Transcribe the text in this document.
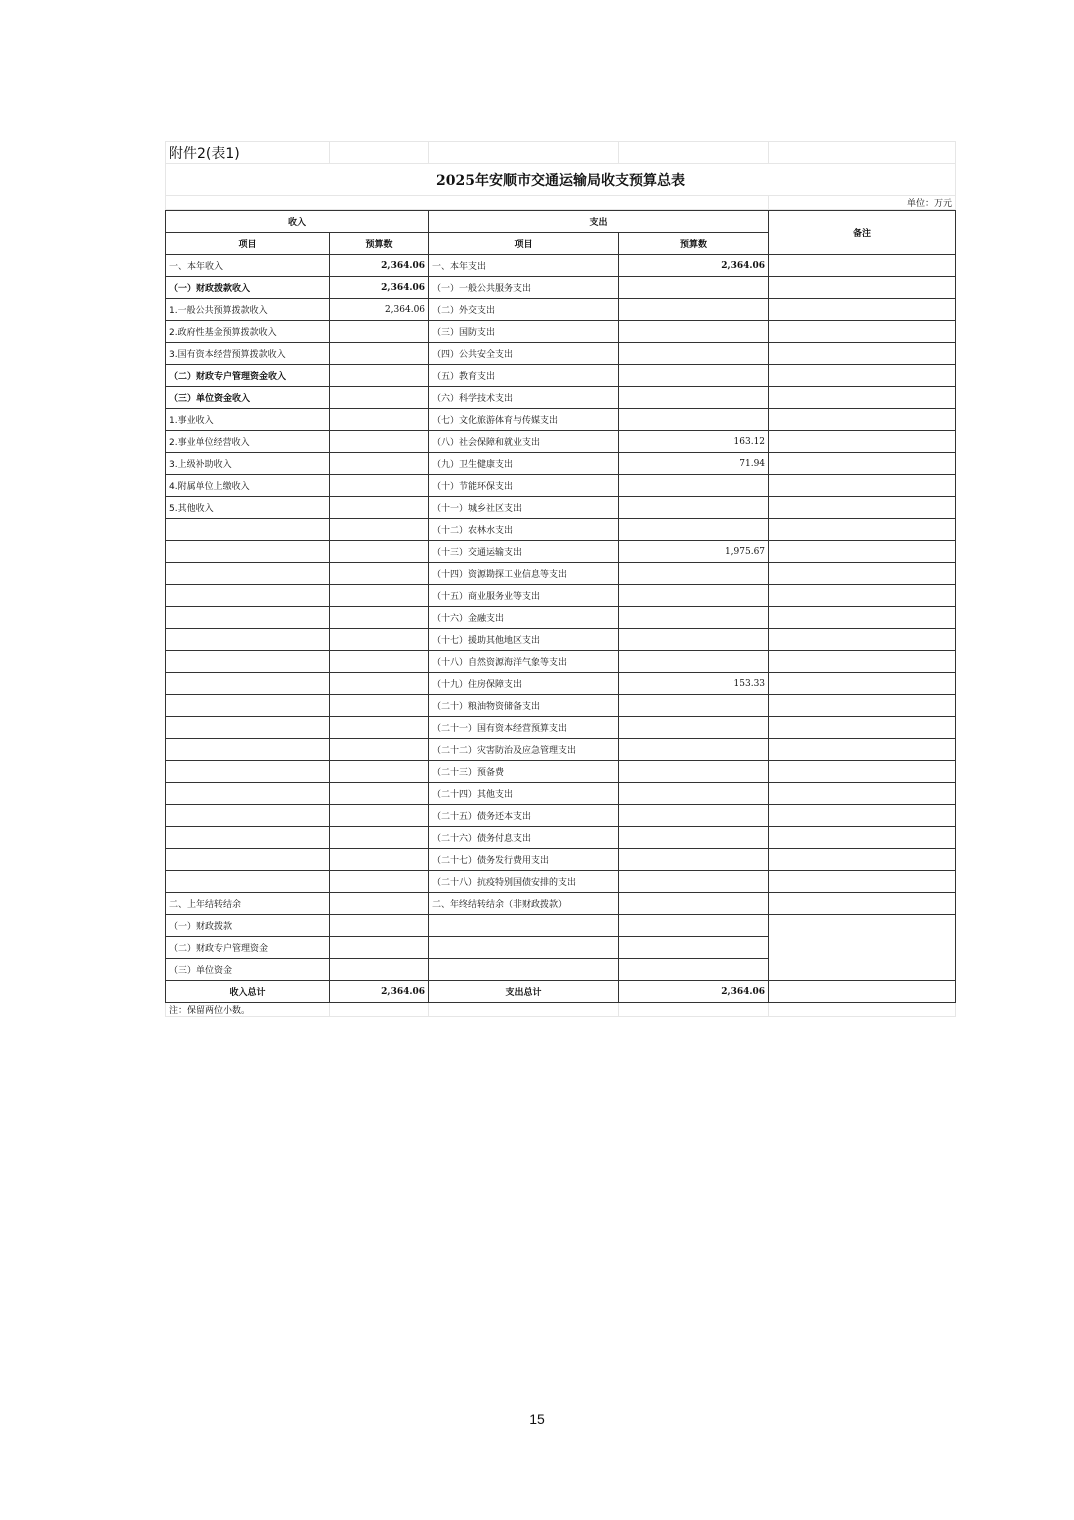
附件2(表1)				
2025年安顺市交通运输局收支预算总表				
				单位：万元
收入		支出		备注
项目	预算数	项目	预算数	
一、本年收入	2,364.06	一、本年支出	2,364.06	
（一）财政拨款收入	2,364.06	（一）一般公共服务支出		
1.一般公共预算拨款收入	2,364.06	（二）外交支出		
2.政府性基金预算拨款收入		（三）国防支出		
3.国有资本经营预算拨款收入		（四）公共安全支出		
（二）财政专户管理资金收入		（五）教育支出		
（三）单位资金收入		（六）科学技术支出		
1.事业收入		（七）文化旅游体育与传媒支出		
2.事业单位经营收入		（八）社会保障和就业支出	163.12	
3.上级补助收入		（九）卫生健康支出	71.94	
4.附属单位上缴收入		（十）节能环保支出		
5.其他收入		（十一）城乡社区支出		
		（十二）农林水支出		
		（十三）交通运输支出	1,975.67	
		（十四）资源勘探工业信息等支出		
		（十五）商业服务业等支出		
		（十六）金融支出		
		（十七）援助其他地区支出		
		（十八）自然资源海洋气象等支出		
		（十九）住房保障支出	153.33	
		（二十）粮油物资储备支出		
		（二十一）国有资本经营预算支出		
		（二十二）灾害防治及应急管理支出		
		（二十三）预备费		
		（二十四）其他支出		
		（二十五）债务还本支出		
		（二十六）债务付息支出		
		（二十七）债务发行费用支出		
		（二十八）抗疫特别国债安排的支出		
二、上年结转结余		二、年终结转结余（非财政拨款）		
（一）财政拨款				
（二）财政专户管理资金				
（三）单位资金				
收入总计	2,364.06	支出总计	2,364.06	
注：保留两位小数。				
15
